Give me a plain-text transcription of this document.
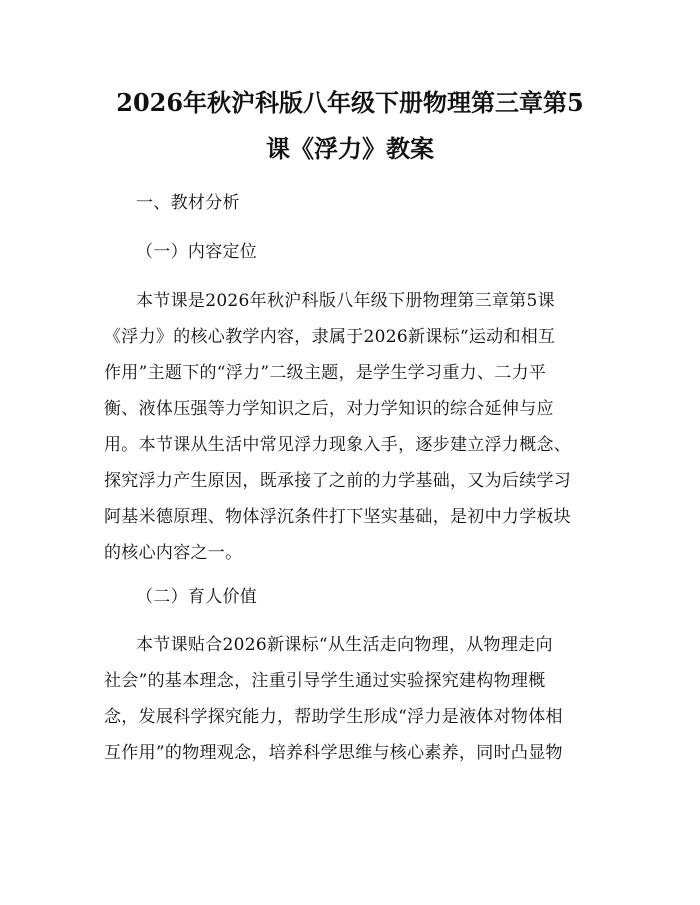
2026年秋沪科版八年级下册物理第三章第5
课《浮力》教案
一、教材分析
（一）内容定位
本节课是2026年秋沪科版八年级下册物理第三章第5课
《浮力》的核心教学内容，隶属于2026新课标“运动和相互
作用”主题下的“浮力”二级主题，是学生学习重力、二力平
衡、液体压强等力学知识之后，对力学知识的综合延伸与应
用。本节课从生活中常见浮力现象入手，逐步建立浮力概念、
探究浮力产生原因，既承接了之前的力学基础，又为后续学习
阿基米德原理、物体浮沉条件打下坚实基础，是初中力学板块
的核心内容之一。
（二）育人价值
本节课贴合2026新课标“从生活走向物理，从物理走向
社会”的基本理念，注重引导学生通过实验探究建构物理概
念，发展科学探究能力，帮助学生形成“浮力是液体对物体相
互作用”的物理观念，培养科学思维与核心素养，同时凸显物
